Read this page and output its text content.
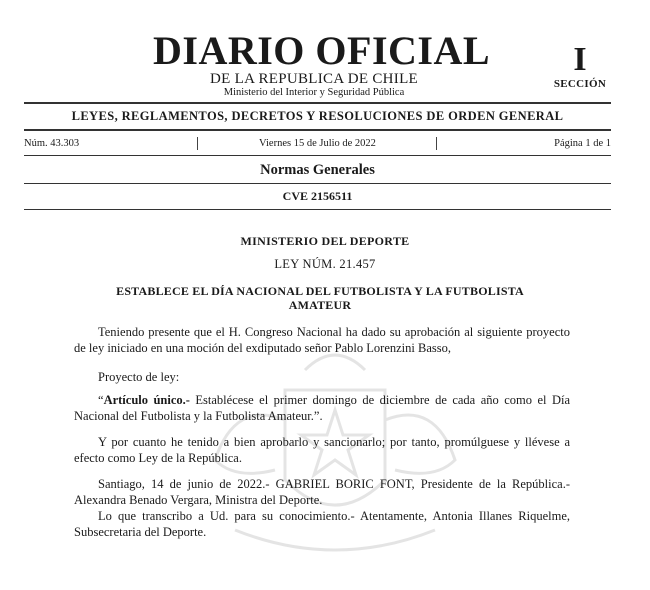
DIARIO OFICIAL
DE LA REPUBLICA DE CHILE
Ministerio del Interior y Seguridad Pública
I
SECCIÓN
LEYES, REGLAMENTOS, DECRETOS Y RESOLUCIONES DE ORDEN GENERAL
Núm. 43.303	Viernes 15 de Julio de 2022	Página 1 de 1
Normas Generales
CVE 2156511
MINISTERIO DEL DEPORTE
LEY NÚM. 21.457
ESTABLECE EL DÍA NACIONAL DEL FUTBOLISTA Y LA FUTBOLISTA AMATEUR

Teniendo presente que el H. Congreso Nacional ha dado su aprobación al siguiente proyecto de ley iniciado en una moción del exdiputado señor Pablo Lorenzini Basso,

Proyecto de ley:

“Artículo único.- Establécese el primer domingo de diciembre de cada año como el Día Nacional del Futbolista y la Futbolista Amateur.”.

Y por cuanto he tenido a bien aprobarlo y sancionarlo; por tanto, promúlguese y llévese a efecto como Ley de la República.

Santiago, 14 de junio de 2022.- GABRIEL BORIC FONT, Presidente de la República.- Alexandra Benado Vergara, Ministra del Deporte.

Lo que transcribo a Ud. para su conocimiento.- Atentamente, Antonia Illanes Riquelme, Subsecretaria del Deporte.
